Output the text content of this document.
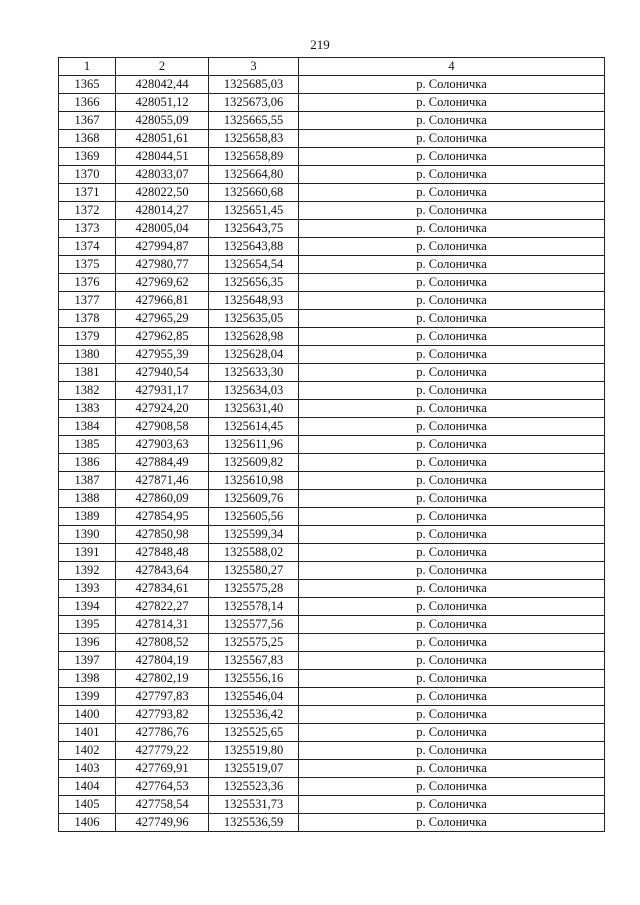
219
1	2	3	4
1365	428042,44	1325685,03	р. Солоничка
1366	428051,12	1325673,06	р. Солоничка
1367	428055,09	1325665,55	р. Солоничка
1368	428051,61	1325658,83	р. Солоничка
1369	428044,51	1325658,89	р. Солоничка
1370	428033,07	1325664,80	р. Солоничка
1371	428022,50	1325660,68	р. Солоничка
1372	428014,27	1325651,45	р. Солоничка
1373	428005,04	1325643,75	р. Солоничка
1374	427994,87	1325643,88	р. Солоничка
1375	427980,77	1325654,54	р. Солоничка
1376	427969,62	1325656,35	р. Солоничка
1377	427966,81	1325648,93	р. Солоничка
1378	427965,29	1325635,05	р. Солоничка
1379	427962,85	1325628,98	р. Солоничка
1380	427955,39	1325628,04	р. Солоничка
1381	427940,54	1325633,30	р. Солоничка
1382	427931,17	1325634,03	р. Солоничка
1383	427924,20	1325631,40	р. Солоничка
1384	427908,58	1325614,45	р. Солоничка
1385	427903,63	1325611,96	р. Солоничка
1386	427884,49	1325609,82	р. Солоничка
1387	427871,46	1325610,98	р. Солоничка
1388	427860,09	1325609,76	р. Солоничка
1389	427854,95	1325605,56	р. Солоничка
1390	427850,98	1325599,34	р. Солоничка
1391	427848,48	1325588,02	р. Солоничка
1392	427843,64	1325580,27	р. Солоничка
1393	427834,61	1325575,28	р. Солоничка
1394	427822,27	1325578,14	р. Солоничка
1395	427814,31	1325577,56	р. Солоничка
1396	427808,52	1325575,25	р. Солоничка
1397	427804,19	1325567,83	р. Солоничка
1398	427802,19	1325556,16	р. Солоничка
1399	427797,83	1325546,04	р. Солоничка
1400	427793,82	1325536,42	р. Солоничка
1401	427786,76	1325525,65	р. Солоничка
1402	427779,22	1325519,80	р. Солоничка
1403	427769,91	1325519,07	р. Солоничка
1404	427764,53	1325523,36	р. Солоничка
1405	427758,54	1325531,73	р. Солоничка
1406	427749,96	1325536,59	р. Солоничка
